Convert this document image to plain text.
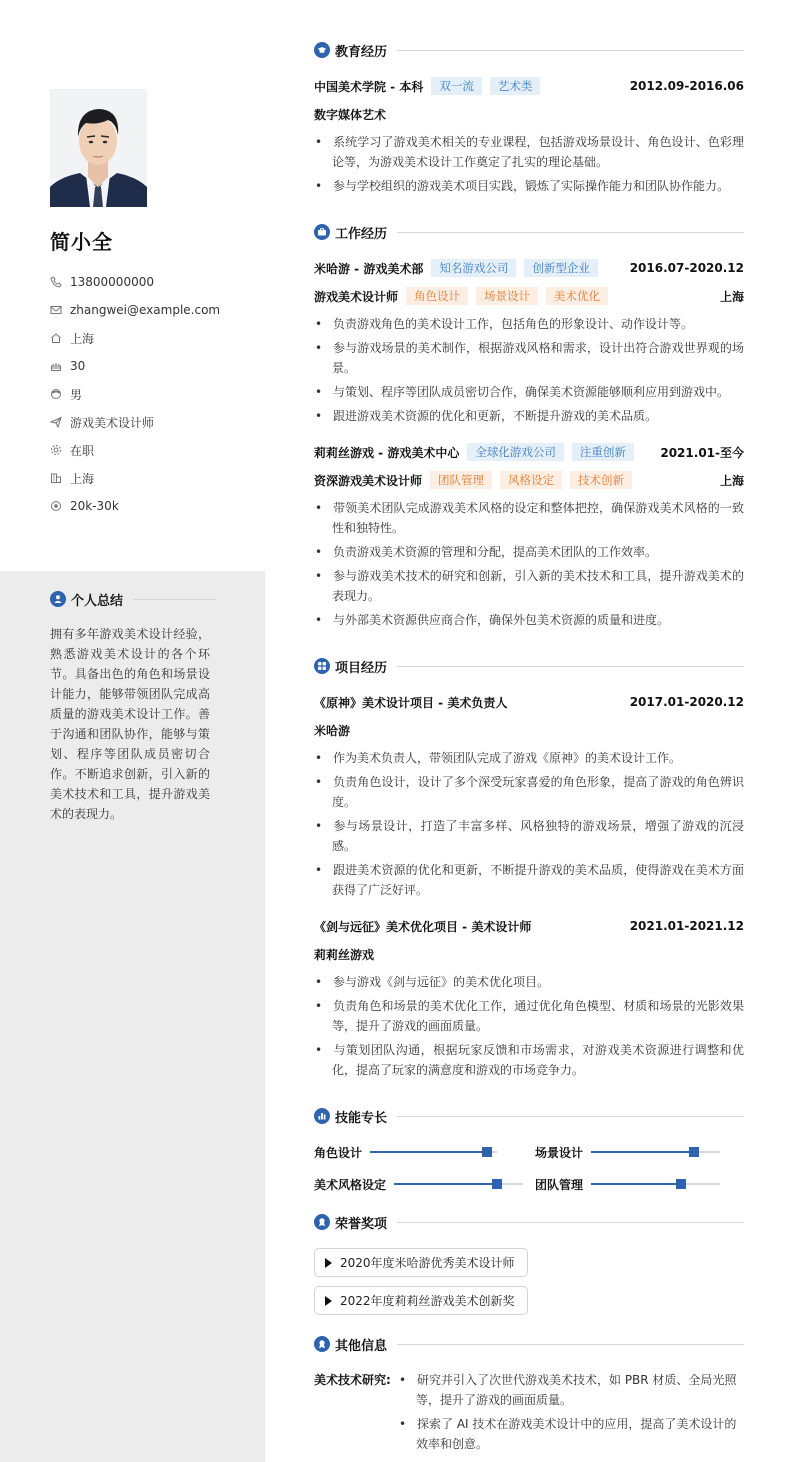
简小全
13800000000
zhangwei@example.com
上海
30
男
游戏美术设计师
在职
上海
20k-30k
个人总结
拥有多年游戏美术设计经验，熟悉游戏美术设计的各个环节。具备出色的角色和场景设计能力，能够带领团队完成高质量的游戏美术设计工作。善于沟通和团队协作，能够与策划、程序等团队成员密切合作。不断追求创新，引入新的美术技术和工具，提升游戏美术的表现力。
教育经历
中国美术学院 - 本科	双一流	艺术类	2012.09-2016.06
数字媒体艺术
• 系统学习了游戏美术相关的专业课程，包括游戏场景设计、角色设计、色彩理论等，为游戏美术设计工作奠定了扎实的理论基础。
• 参与学校组织的游戏美术项目实践，锻炼了实际操作能力和团队协作能力。
工作经历
米哈游 - 游戏美术部	知名游戏公司	创新型企业	2016.07-2020.12
游戏美术设计师	角色设计	场景设计	美术优化	上海
• 负责游戏角色的美术设计工作，包括角色的形象设计、动作设计等。
• 参与游戏场景的美术制作，根据游戏风格和需求，设计出符合游戏世界观的场景。
• 与策划、程序等团队成员密切合作，确保美术资源能够顺利应用到游戏中。
• 跟进游戏美术资源的优化和更新，不断提升游戏的美术品质。
莉莉丝游戏 - 游戏美术中心	全球化游戏公司	注重创新	2021.01-至今
资深游戏美术设计师	团队管理	风格设定	技术创新	上海
• 带领美术团队完成游戏美术风格的设定和整体把控，确保游戏美术风格的一致性和独特性。
• 负责游戏美术资源的管理和分配，提高美术团队的工作效率。
• 参与游戏美术技术的研究和创新，引入新的美术技术和工具，提升游戏美术的表现力。
• 与外部美术资源供应商合作，确保外包美术资源的质量和进度。
项目经历
《原神》美术设计项目 - 美术负责人	2017.01-2020.12
米哈游
• 作为美术负责人，带领团队完成了游戏《原神》的美术设计工作。
• 负责角色设计，设计了多个深受玩家喜爱的角色形象，提高了游戏的角色辨识度。
• 参与场景设计，打造了丰富多样、风格独特的游戏场景，增强了游戏的沉浸感。
• 跟进美术资源的优化和更新，不断提升游戏的美术品质，使得游戏在美术方面获得了广泛好评。
《剑与远征》美术优化项目 - 美术设计师	2021.01-2021.12
莉莉丝游戏
• 参与游戏《剑与远征》的美术优化项目。
• 负责角色和场景的美术优化工作，通过优化角色模型、材质和场景的光影效果等，提升了游戏的画面质量。
• 与策划团队沟通，根据玩家反馈和市场需求，对游戏美术资源进行调整和优化，提高了玩家的满意度和游戏的市场竞争力。
技能专长
角色设计	场景设计
美术风格设定	团队管理
荣誉奖项
2020年度米哈游优秀美术设计师
2022年度莉莉丝游戏美术创新奖
其他信息
美术技术研究:
•	研究并引入了次世代游戏美术技术，如 PBR 材质、全局光照等，提升了游戏的画面质量。
• 探索了 AI 技术在游戏美术设计中的应用，提高了美术设计的效率和创意。
